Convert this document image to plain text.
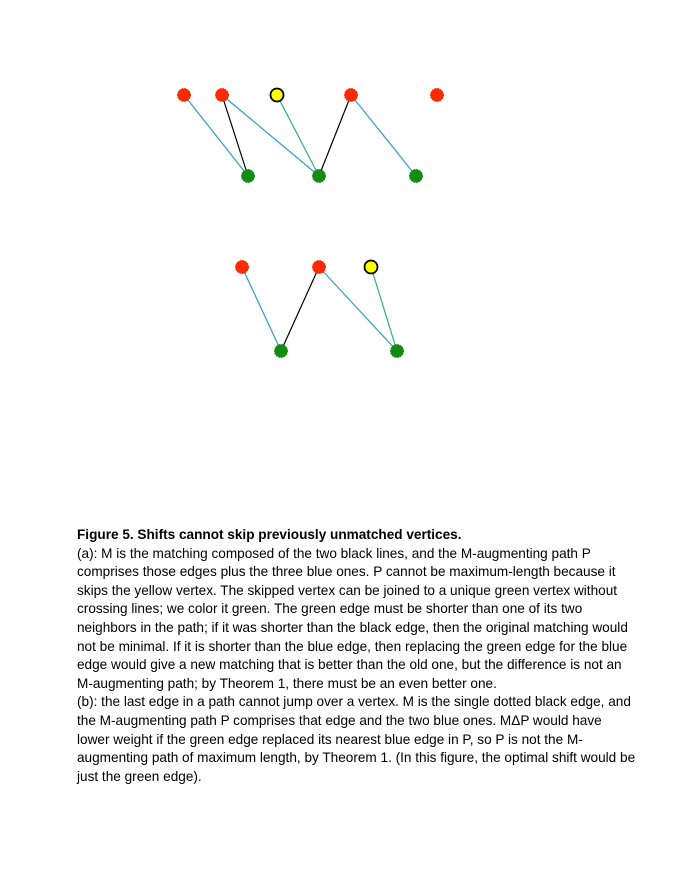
Figure 5. Shifts cannot skip previously unmatched vertices.

(a): M is the matching composed of the two black lines, and the M-augmenting path P comprises those edges plus the three blue ones. P cannot be maximum-length because it skips the yellow vertex. The skipped vertex can be joined to a unique green vertex without crossing lines; we color it green. The green edge must be shorter than one of its two neighbors in the path; if it was shorter than the black edge, then the original matching would not be minimal. If it is shorter than the blue edge, then replacing the green edge for the blue edge would give a new matching that is better than the old one, but the difference is not an M-augmenting path; by Theorem 1, there must be an even better one.

(b): the last edge in a path cannot jump over a vertex. M is the single dotted black edge, and the M-augmenting path P comprises that edge and the two blue ones. MΔP would have lower weight if the green edge replaced its nearest blue edge in P, so P is not the M-augmenting path of maximum length, by Theorem 1. (In this figure, the optimal shift would be just the green edge).
